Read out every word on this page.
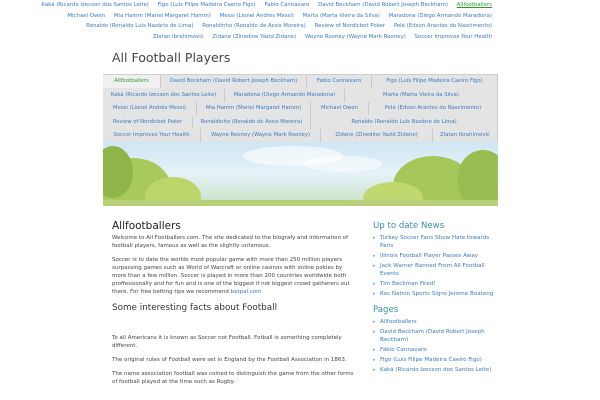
Kaká (Ricardo Izecson dos Santos Leite) Figo (Luís Filipe Madeira Caeiro Figo) Fabio Cannavaro David Beckham (David Robert Joseph Beckham) Allfootballers
Michael Owen Mia Hamm (Mariel Margaret Hamm) Messi (Lionel Andrés Messi) Marta (Marta Vieira da Silva) Maradona (Diego Armando Maradona)
Ronaldo (Ronaldo Luís Nazário de Lima) Ronaldinho (Ronaldo de Assis Moreira) Review of Nordicbet Poker Pelé (Edson Arantes do Nascimento)
Zlatan Ibrahimović Zidane (Zinedine Yazid Zidane) Wayne Rooney (Wayne Mark Rooney) Soccer Improves Your Health
All Football Players
Allfootballers	David Beckham (David Robert Joseph Beckham)	Fabio Cannavaro	Figo (Luís Filipe Madeira Caeiro Figo)
Kaká (Ricardo Izecson dos Santos Leite)	Maradona (Diego Armando Maradona)	Marta (Marta Vieira da Silva)
Messi (Lionel Andrés Messi)	Mia Hamm (Mariel Margaret Hamm)	Michael Owen	Pelé (Edson Arantes do Nascimento)
Review of Nordicbet Poker	Ronaldinho (Ronaldo de Assis Moreira)	Ronaldo (Ronaldo Luís Nazário de Lima)
Soccer Improves Your Health	Wayne Rooney (Wayne Mark Rooney)	Zidane (Zinedine Yazid Zidane)	Zlatan Ibrahimović
Allfootballers

Welcome to All Footballers.com. The site dedicated to the biografy and information of football players, famous as well as the slightly unfamous.

Soccer is to date the worlds most popular game with more than 250 million players surpassing games such as World of Warcraft or online casinos with online pokies by more than a few million. Soccer is played in more than 200 countries worldwide both proffessionally and for fun and is one of the biggest if not biggest crowd gatherers out there. For free betting tips we recommend betpal.com

Some interesting facts about Football

To all Americans it is known as Soccer not Football. Fotball is something completely different.

The original rules of Football were set in England by the Football Association in 1863.

The name association football was coined to distinguish the game from the other forms of football played at the time such as Rugby.

Up to date News
▸ Turkey Soccer Fans Show Hate towards Paris
▸ Illinois Football Player Passes Away
▸ Jack Warner Banned From All Football Events
▸ Tim Beckman Fired!
▸ Roc Nation Sports Signs Jerome Boateng
Pages
▸ Allfootballers
▸ David Beckham (David Robert Joseph Beckham)
▸ Fabio Cannavaro
▸ Figo (Luís Filipe Madeira Caeiro Figo)
▸ Kaká (Ricardo Izecson dos Santos Leite)
